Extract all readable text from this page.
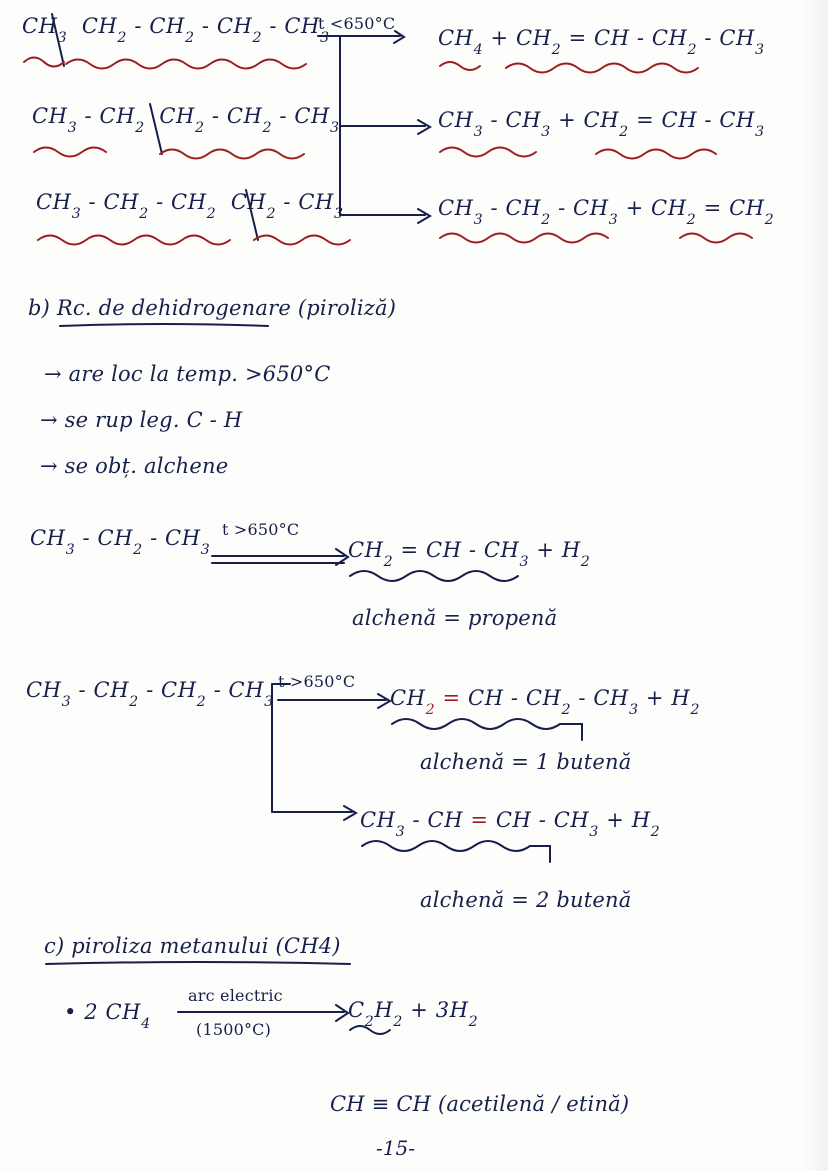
$CH_3$  $CH_2 - CH_2 - CH_2 - CH_3$
t <650°C
$CH_4 + CH_2$ = CH - $CH_2 - CH_3$
$CH_3 - CH_2$  $CH_2 - CH_2 - CH_3$	$CH_3 - CH_3 + CH_2$ = CH - $CH_3$
$CH_3 - CH_2 - CH_2$  $CH_2 - CH_3$	$CH_3 - CH_2 - CH_3 + CH_2 = CH_2$
b) Rc. de dehidrogenare (piroliză)
→ are loc la temp. >650°C
→ se rup leg. C - H
→ se obț. alchene
$CH_3 - CH_2 - CH_3$
t >650°C
$CH_2$ = CH - $CH_3 + H_2$
alchenă = propenă
$CH_3 - CH_2 - CH_2 - CH_3$
t >650°C
$CH_2$ = CH - $CH_2 - CH_3 + H_2$
alchenă = 1 butenă
$CH_3$ - CH = CH - $CH_3 + H_2$
alchenă = 2 butenă
c) piroliza metanului (CH4)
• 2 $CH_4$
arc electric
(1500°C)
$C_2H_2 + 3H_2$
CH ≡ CH (acetilenă / etină)
-15-
